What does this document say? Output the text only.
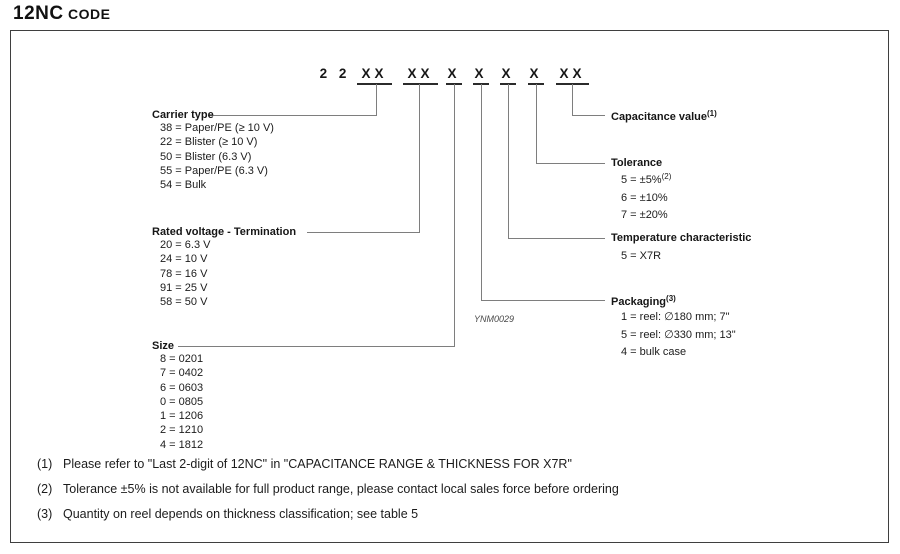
12NC CODE
2 2 XX	XX	X X X X XX
Carrier type
38 = Paper/PE (≥ 10 V)
22 = Blister (≥ 10 V)
50 = Blister (6.3 V)
55 = Paper/PE (6.3 V)
54 = Bulk
Rated voltage - Termination
20 = 6.3 V
24 = 10 V
78 = 16 V
91 = 25 V
58 = 50 V
Size
8 = 0201
7 = 0402
6 = 0603
0 = 0805
1 = 1206
2 = 1210
4 = 1812
Capacitance value$^{(1)}$
Tolerance
5 = ±5%$^{(2)}$
6 = ±10%
7 = ±20%
Temperature characteristic
5 = X7R
Packaging$^{(3)}$
1 = reel: ∅180 mm; 7"
5 = reel: ∅330 mm; 13"
4 = bulk case
YNM0029
(1) Please refer to "Last 2-digit of 12NC" in "CAPACITANCE RANGE & THICKNESS FOR X7R"
(2) Tolerance ±5% is not available for full product range, please contact local sales force before ordering
(3) Quantity on reel depends on thickness classification; see table 5
